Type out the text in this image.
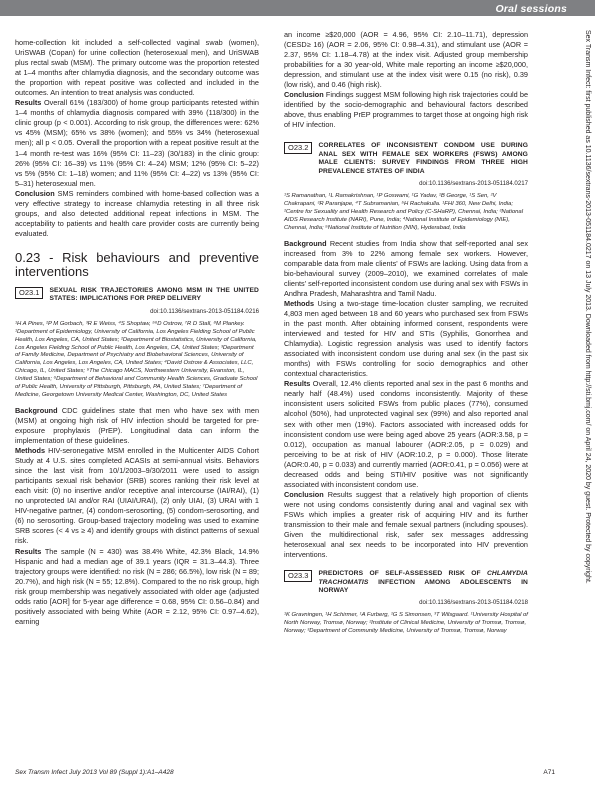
Oral sessions
Sex Transm Infect: first published as 10.1136/sextrans-2013-051184.0217 on 13 July 2013. Downloaded from http://sti.bmj.com/ on April 24, 2020 by guest. Protected by copyright.

home-collection kit included a self-collected vaginal swab (women), UriSWAB (Copan) for urine collection (heterosexual men), and UriSWAB plus rectal swab (MSM). The primary outcome was the proportion retested at 1–4 months after chlamydia diagnosis, and the secondary outcome was the proportion with repeat positive was collected and included in the outcomes. An intention to treat analysis was conducted.

Results Overall 61% (183/300) of home group participants retested within 1–4 months of chlamydia diagnosis compared with 39% (118/300) in the clinic group (p < 0.001). According to risk group, the differences were: 62% vs 45% (MSM); 65% vs 38% (women); and 55% vs 34% (heterosexual men); all p < 0.05. Overall the proportion with a repeat positive result at the 1–4 month re-test was 16% (95% CI: 11–23) (30/183) in the clinic group: 26% (95% CI: 16–39) vs 11% (95% CI: 4–24) MSM; 12% (95% CI: 5–22) vs 5% (95% CI: 1–18) women; and 11% (95% CI: 4–22) vs 13% (95% CI: 5–31) heterosexual men.

Conclusion SMS reminders combined with home-based collection was a very effective strategy to increase chlamydia retesting in all three risk groups, and also detected additional repeat infections in MSM. The acceptability to patients and health care provider costs are currently being evaluated.

0.23 - Risk behaviours and preventive interventions
O23.1	SEXUAL RISK TRAJECTORIES AMONG MSM IN THE UNITED STATES: IMPLICATIONS FOR PREP DELIVERY
doi:10.1136/sextrans-2013-051184.0216
¹H A Pines, ²P M Gorbach, ³R E Weiss, ⁴S Shoptaw, ⁵⁶D Ostrow, ⁷R D Stall, ⁸M Plankey. ¹Department of Epidemiology, University of California, Los Angeles Fielding School of Public Health, Los Angeles, CA, United States; ²Department of Biostatistics, University of California, Los Angeles Fielding School of Public Health, Los Angeles, CA, United States; ³Department of Family Medicine, Department of Psychiatry and Biobehavioral Sciences, University of California, Los Angeles, Los Angeles, CA, United States; ⁴David Ostrow & Associates, LLC, Chicago, IL, United States; ⁵The Chicago MACS, Northwestern University, Evanston, IL, United States; ⁶Department of Behavioral and Community Health Sciences, Graduate School of Public Health, University of Pittsburgh, Pittsburgh, PA, United States; ⁷Department of Medicine, Georgetown University Medical Center, Washington, DC, United States

Background CDC guidelines state that men who have sex with men (MSM) at ongoing high risk of HIV infection should be targeted for pre-exposure prophylaxis (PrEP). Longitudinal data can inform the implementation of these guidelines.

Methods HIV-seronegative MSM enrolled in the Multicenter AIDS Cohort Study at 4 U.S. sites completed ACASIs at semi-annual visits. Behaviors since the last visit from 10/1/2003–9/30/2011 were used to assign participants sexual risk behavior (SRB) scores ranking their risk level at each visit: (0) no insertive and/or receptive anal intercourse (IAI/RAI), (1) no unprotected IAI and/or RAI (UIAI/URAI), (2) only UIAI, (3) URAI with 1 HIV-negative partner, (4) condom-serosorting, (5) condom-serosorting, and (6) no serosorting. Group-based trajectory modeling was used to examine SRB scores (< 4 vs ≥ 4) and identify groups with distinct patterns of sexual risk.

Results The sample (N = 430) was 38.4% White, 42.3% Black, 14.9% Hispanic and had a median age of 39.1 years (IQR = 31.3–44.3). Three trajectory groups were identified: no risk (N = 286; 66.5%), low risk (N = 89; 20.7%), and high risk (N = 55; 12.8%). Compared to the no risk group, high risk group membership was negatively associated with older age (adjusted odds ratio [AOR] for 5-year age difference = 0.68, 95% CI: 0.56–0.84) and positively associated with being White (AOR = 2.12, 95% CI: 0.97–4.62), earning

an income ≥$20,000 (AOR = 4.96, 95% CI: 2.10–11.71), depression (CESD≥ 16) (AOR = 2.06, 95% CI: 0.98–4.31), and stimulant use (AOR = 2.37, 95% CI: 1.18–4.78) at the index visit. Adjusted group membership probabilities for a 30 year-old, White male reporting an income ≥$20,000, depression, and stimulant use at the index visit were 0.15 (no risk), 0.39 (low risk), and 0.46 (high risk).

Conclusion Findings suggest MSM following high risk trajectories could be identified by the socio-demographic and behavioural factors described above, thus enabling PrEP programmes to target those at ongoing high risk of HIV infection.

O23.2	CORRELATES OF INCONSISTENT CONDOM USE DURING ANAL SEX WITH FEMALE SEX WORKERS (FSWS) AMONG MALE CLIENTS: SURVEY FINDINGS FROM THREE HIGH PREVALENCE STATES OF INDIA
doi:10.1136/sextrans-2013-051184.0217
¹S Ramanathan, ¹L Ramakrishnan, ¹P Goswami, ¹G Yadav, ¹B George, ¹S Sen, ²V Chakrapani, ³R Paranjape, ⁴T Subramanian, ⁵H Rachakulla. ¹FHI 360, New Delhi, India; ²Centre for Sexuality and Health Research and Policy (C-SHaRP), Chennai, India; ³National AIDS Research Institute (NARI), Pune, India; ⁴National Institute of Epidemiology (NIE), Chennai, India; ⁵National Institute of Nutrition (NIN), Hyderabad, India

Background Recent studies from India show that self-reported anal sex increased from 3% to 22% among female sex workers. However, comparable data from male clients' of FSWs are lacking. Using data from a bio-behavioural survey (2009–2010), we examined correlates of male clients' self-reported inconsistent condom use during anal sex with FSWs in Andhra Pradesh, Maharashtra and Tamil Nadu.

Methods Using a two-stage time-location cluster sampling, we recruited 4,803 men aged between 18 and 60 years who purchased sex from FSWs in the past month. After obtaining informed consent, respondents were interviewed and tested for HIV and STIs (Syphilis, Gonorrhea and Chlamydia). Logistic regression analysis was used to identify factors associated with inconsistent condom use during anal sex (in the past six months) with FSWs controlling for socio demographics and other contextual characteristics.

Results Overall, 12.4% clients reported anal sex in the past 6 months and nearly half (48.4%) used condoms inconsistently. Majority of these inconsistent users solicited FSWs from public places (77%), consumed alcohol (50%), had unprotected vaginal sex (99%) and also reported anal sex with other men (19%). Factors associated with increased odds for inconsistent condom use were being aged above 25 years (AOR:3.58, p = 0.012), occupation as manual labourer (AOR:2.05, p = 0.029) and perceiving to be at risk of HIV (AOR:10.2, p = 0.000). Those literate (AOR:0.40, p = 0.033) and currently married (AOR:0.41, p = 0.056) were at decreased odds and being STI/HIV positive was not significantly associated with inconsistent condom use.

Conclusion Results suggest that a relatively high proportion of clients were not using condoms consistently during anal and vaginal sex with FSWs which implies a greater risk of acquiring HIV and its further transmission to their male and female sexual partners (including spouses). Given the multidirectional risk, safer sex messages addressing heterosexual anal sex needs to be incorporated into HIV prevention interventions.

O23.3	PREDICTORS OF SELF-ASSESSED RISK OF CHLAMYDIA TRACHOMATIS INFECTION AMONG ADOLESCENTS IN NORWAY
doi:10.1136/sextrans-2013-051184.0218
¹K Gravningen, ¹H Schirmer, ¹A Furberg, ¹G S Simonsen, ³T Wilsgaard. ¹University Hospital of North Norway, Tromsø, Norway; ²Institute of Clinical Medicine, University of Tromsø, Tromsø, Norway; ³Department of Community Medicine, University of Tromsø, Tromsø, Norway
Sex Transm Infect July 2013 Vol 89 (Suppl 1):A1–A428	A71
